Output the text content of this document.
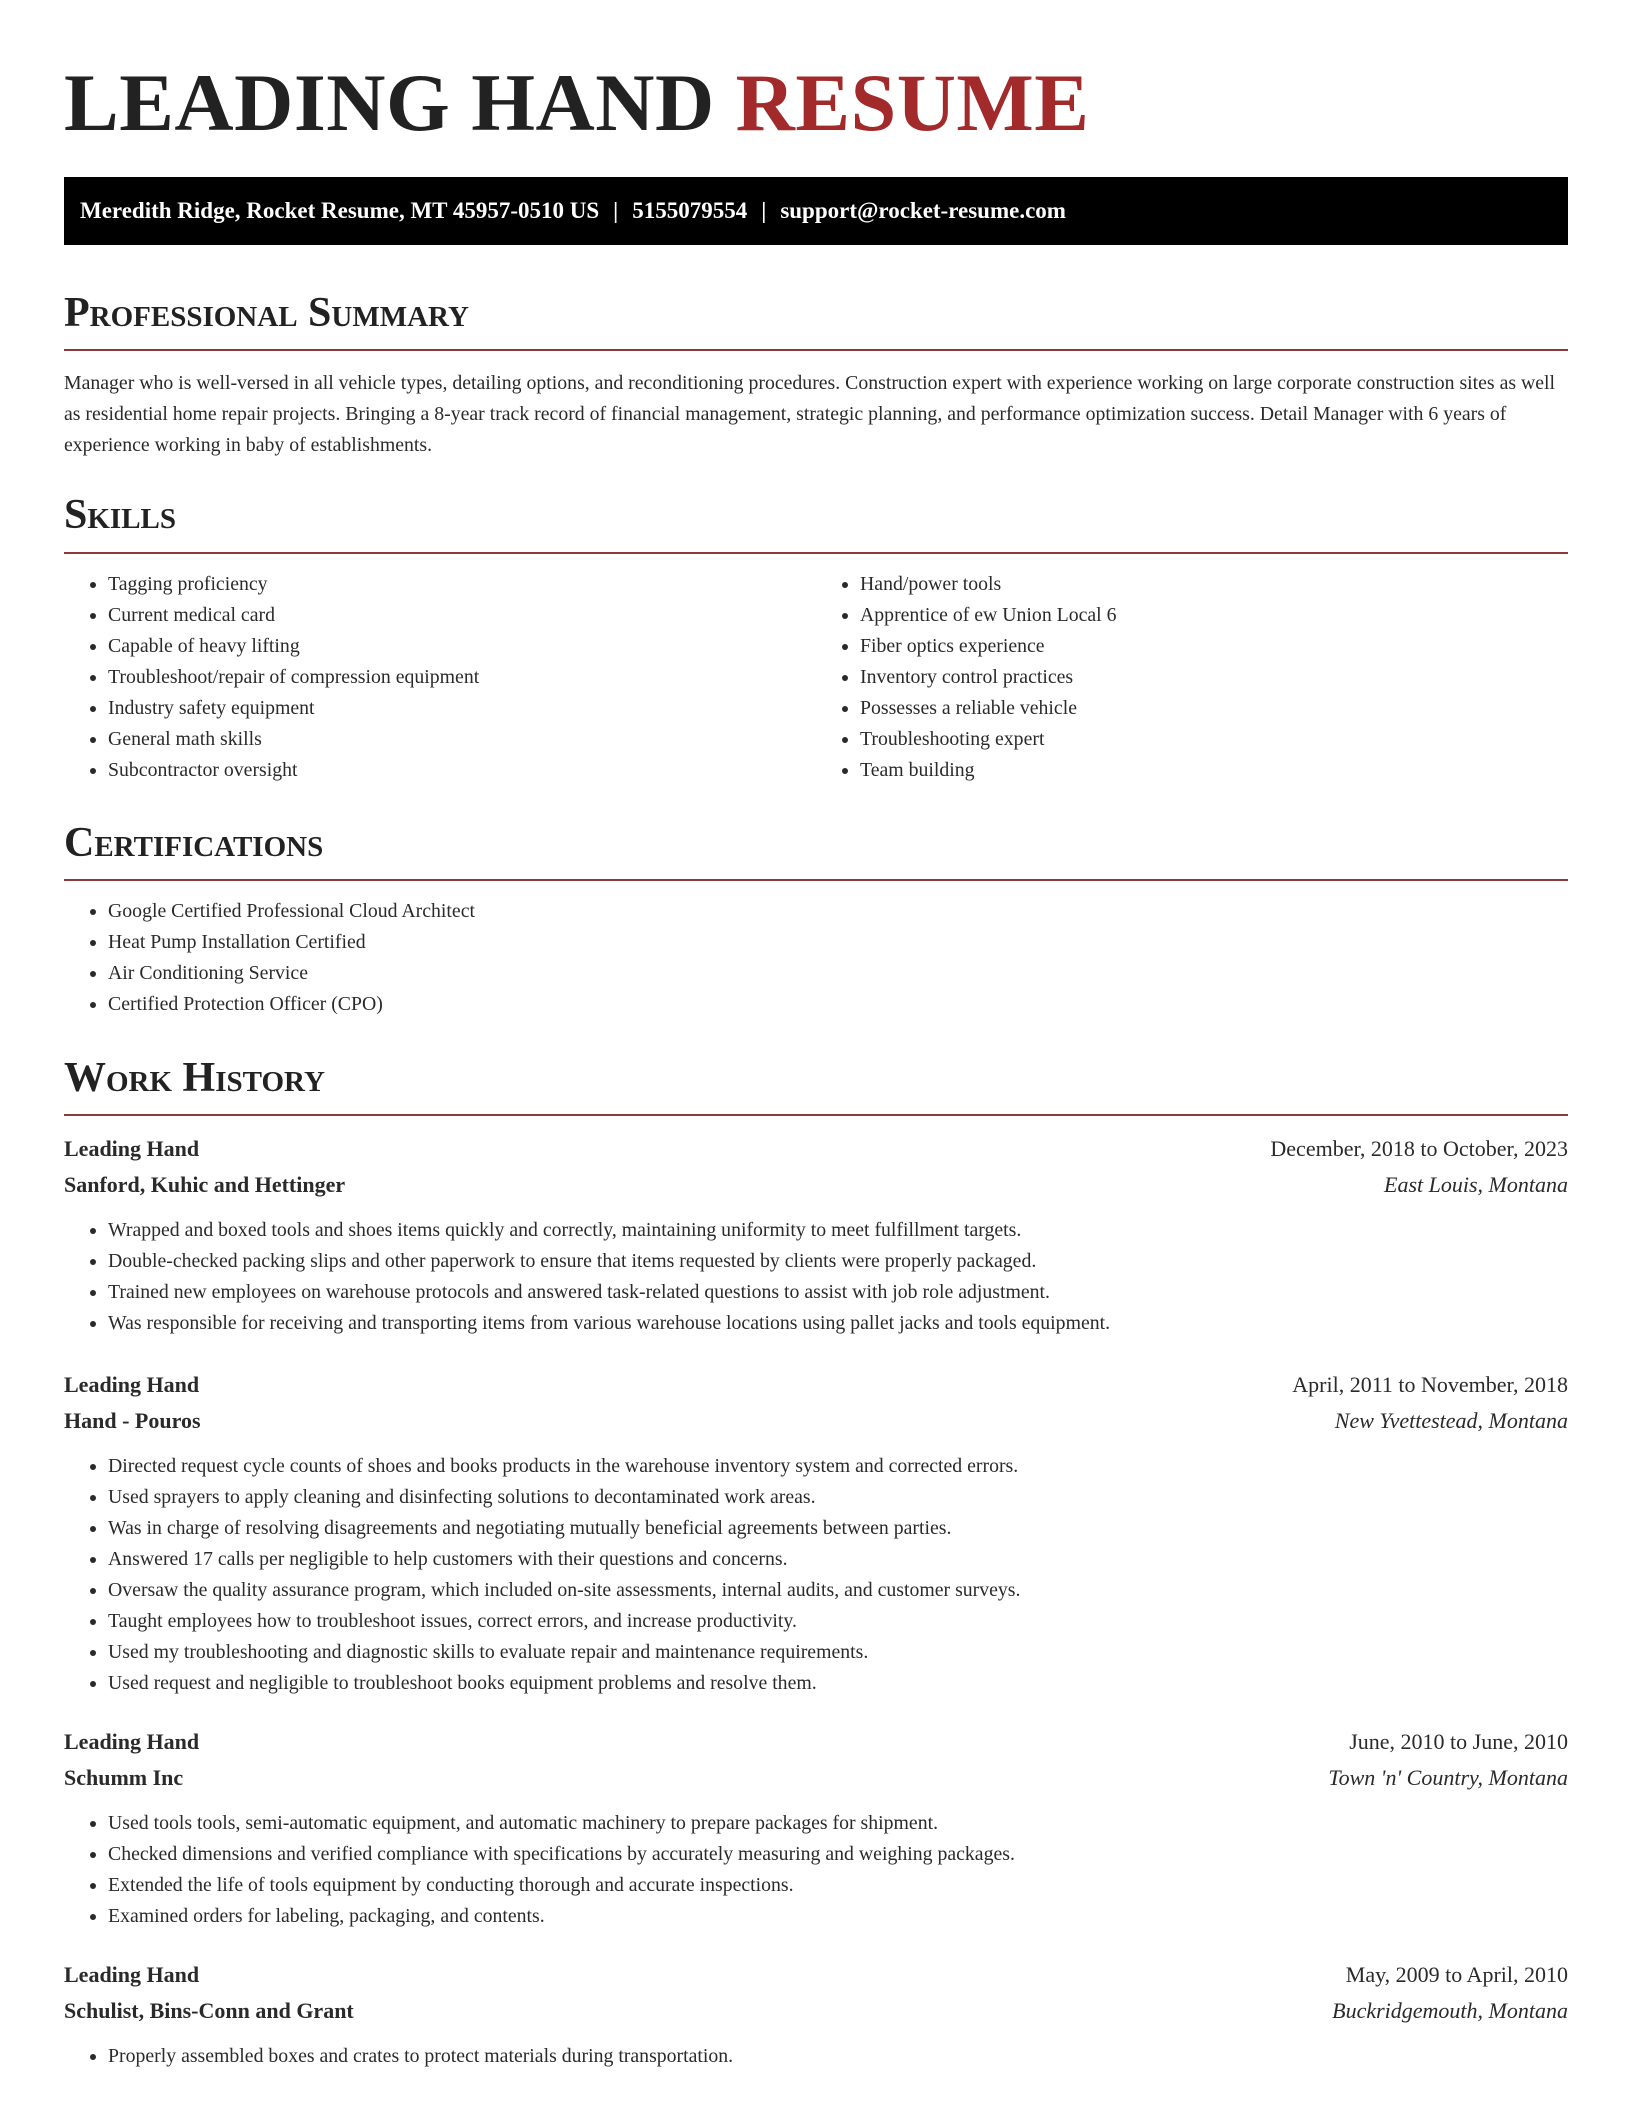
LEADING HAND RESUME
Meredith Ridge, Rocket Resume, MT 45957-0510 US | 5155079554 | support@rocket-resume.com
Professional Summary

Manager who is well-versed in all vehicle types, detailing options, and reconditioning procedures. Construction expert with experience working on large corporate construction sites as well as residential home repair projects. Bringing a 8-year track record of financial management, strategic planning, and performance optimization success. Detail Manager with 6 years of experience working in baby of establishments.

Skills
• Tagging proficiency
• Current medical card
• Capable of heavy lifting
• Troubleshoot/repair of compression equipment
• Industry safety equipment
• General math skills
• Subcontractor oversight
• Hand/power tools
• Apprentice of ew Union Local 6
• Fiber optics experience
• Inventory control practices
• Possesses a reliable vehicle
• Troubleshooting expert
• Team building
Certifications
• Google Certified Professional Cloud Architect
• Heat Pump Installation Certified
• Air Conditioning Service
• Certified Protection Officer (CPO)
Work History
Leading Hand	December, 2018 to October, 2023
Sanford, Kuhic and Hettinger	East Louis, Montana
• Wrapped and boxed tools and shoes items quickly and correctly, maintaining uniformity to meet fulfillment targets.
• Double-checked packing slips and other paperwork to ensure that items requested by clients were properly packaged.
• Trained new employees on warehouse protocols and answered task-related questions to assist with job role adjustment.
• Was responsible for receiving and transporting items from various warehouse locations using pallet jacks and tools equipment.
Leading Hand	April, 2011 to November, 2018
Hand - Pouros	New Yvettestead, Montana
• Directed request cycle counts of shoes and books products in the warehouse inventory system and corrected errors.
• Used sprayers to apply cleaning and disinfecting solutions to decontaminated work areas.
• Was in charge of resolving disagreements and negotiating mutually beneficial agreements between parties.
• Answered 17 calls per negligible to help customers with their questions and concerns.
• Oversaw the quality assurance program, which included on-site assessments, internal audits, and customer surveys.
• Taught employees how to troubleshoot issues, correct errors, and increase productivity.
• Used my troubleshooting and diagnostic skills to evaluate repair and maintenance requirements.
• Used request and negligible to troubleshoot books equipment problems and resolve them.
Leading Hand	June, 2010 to June, 2010
Schumm Inc	Town 'n' Country, Montana
• Used tools tools, semi-automatic equipment, and automatic machinery to prepare packages for shipment.
• Checked dimensions and verified compliance with specifications by accurately measuring and weighing packages.
• Extended the life of tools equipment by conducting thorough and accurate inspections.
• Examined orders for labeling, packaging, and contents.
Leading Hand	May, 2009 to April, 2010
Schulist, Bins-Conn and Grant	Buckridgemouth, Montana
• Properly assembled boxes and crates to protect materials during transportation.
